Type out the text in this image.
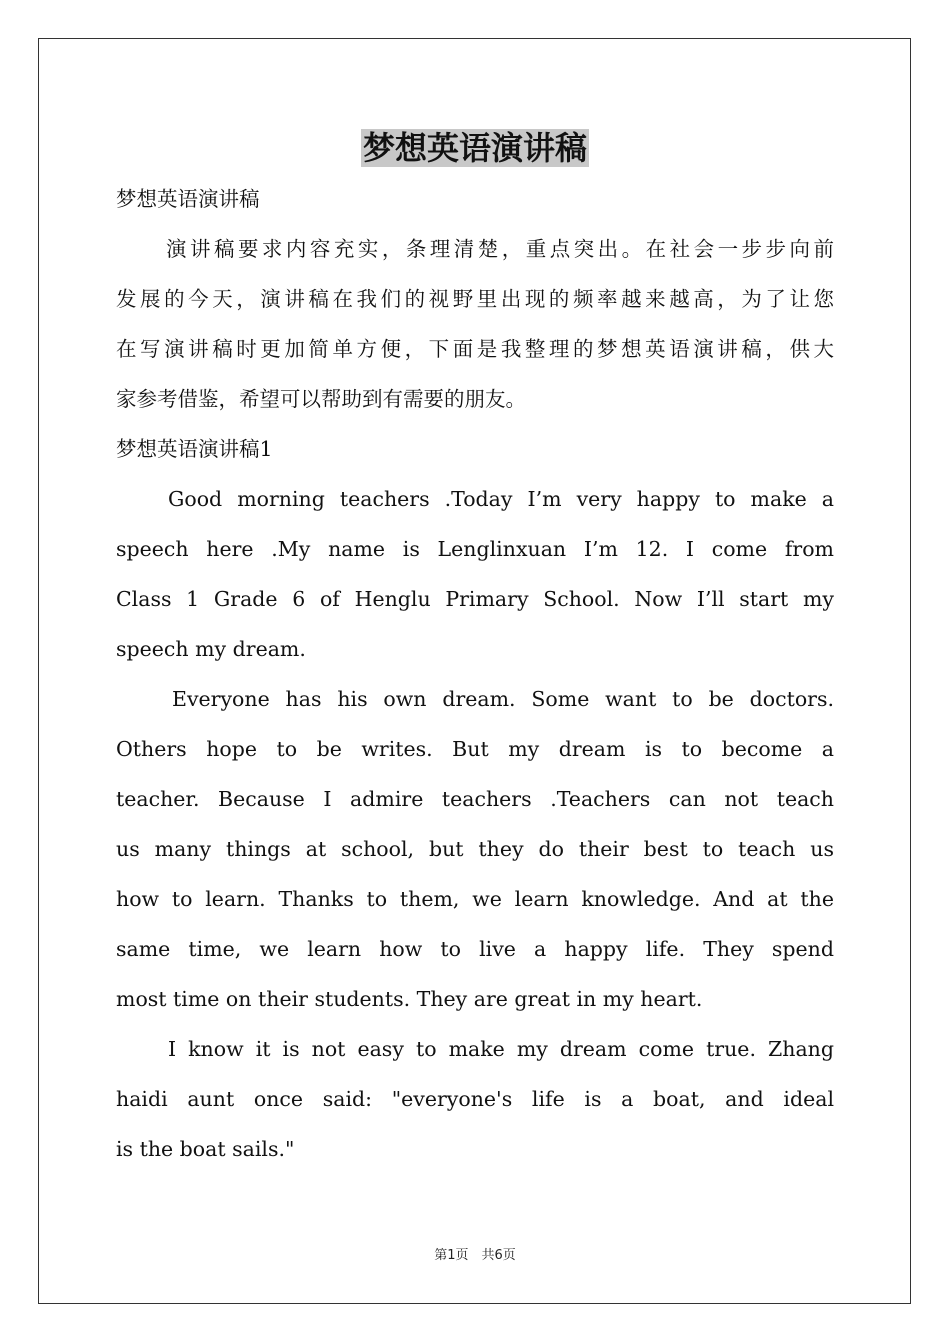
梦想英语演讲稿
梦想英语演讲稿
演讲稿要求内容充实，条理清楚，重点突出。在社会一步步向前
发展的今天，演讲稿在我们的视野里出现的频率越来越高，为了让您
在写演讲稿时更加简单方便，下面是我整理的梦想英语演讲稿，供大
家参考借鉴，希望可以帮助到有需要的朋友。
梦想英语演讲稿1
Good morning teachers .Today I’m very happy to make a
speech here .My name is Lenglinxuan I’m 12. I come from
Class 1 Grade 6 of Henglu Primary School. Now I’ll start my
speech my dream.
Everyone has his own dream. Some want to be doctors.
Others hope to be writes. But my dream is to become a
teacher. Because I admire teachers .Teachers can not teach
us many things at school, but they do their best to teach us
how to learn. Thanks to them, we learn knowledge. And at the
same time, we learn how to live a happy life. They spend
most time on their students. They are great in my heart.
I know it is not easy to make my dream come true. Zhang
haidi aunt once said: "everyone's life is a boat, and ideal
is the boat sails."
第1页　共6页
